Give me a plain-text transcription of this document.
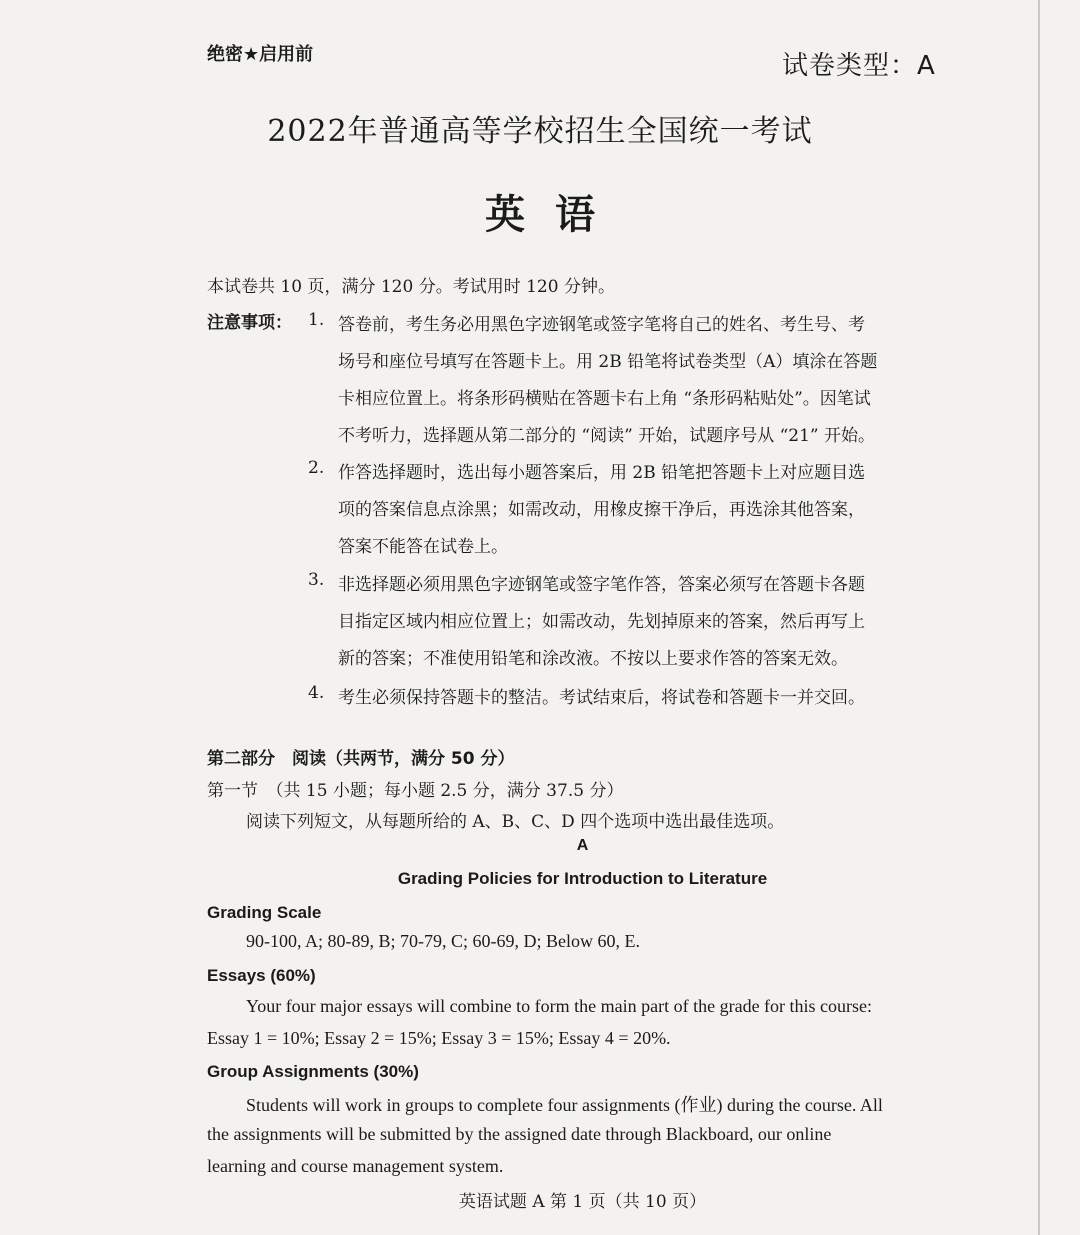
绝密★启用前	试卷类型：A
2022年普通高等学校招生全国统一考试
英语
本试卷共 10 页，满分 120 分。考试用时 120 分钟。
注意事项： 1. 答卷前，考生务必用黑色字迹钢笔或签字笔将自己的姓名、考生号、考
场号和座位号填写在答题卡上。用 2B 铅笔将试卷类型（A）填涂在答题
卡相应位置上。将条形码横贴在答题卡右上角 “条形码粘贴处”。因笔试
不考听力，选择题从第二部分的 “阅读” 开始，试题序号从 “21” 开始。
2. 作答选择题时，选出每小题答案后，用 2B 铅笔把答题卡上对应题目选
项的答案信息点涂黑；如需改动，用橡皮擦干净后，再选涂其他答案，
答案不能答在试卷上。
3. 非选择题必须用黑色字迹钢笔或签字笔作答，答案必须写在答题卡各题
目指定区域内相应位置上；如需改动，先划掉原来的答案，然后再写上
新的答案；不准使用铅笔和涂改液。不按以上要求作答的答案无效。
4. 考生必须保持答题卡的整洁。考试结束后，将试卷和答题卡一并交回。
第二部分　阅读（共两节，满分 50 分）
第一节　（共 15 小题；每小题 2.5 分，满分 37.5 分）
阅读下列短文，从每题所给的 A、B、C、D 四个选项中选出最佳选项。
A
Grading Policies for Introduction to Literature
Grading Scale
90-100, A; 80-89, B; 70-79, C; 60-69, D; Below 60, E.
Essays (60%)
Your four major essays will combine to form the main part of the grade for this course:
Essay 1 = 10%; Essay 2 = 15%; Essay 3 = 15%; Essay 4 = 20%.
Group Assignments (30%)
Students will work in groups to complete four assignments (作业) during the course. All
the assignments will be submitted by the assigned date through Blackboard, our online
learning and course management system.
英语试题 A 第 1 页（共 10 页）
